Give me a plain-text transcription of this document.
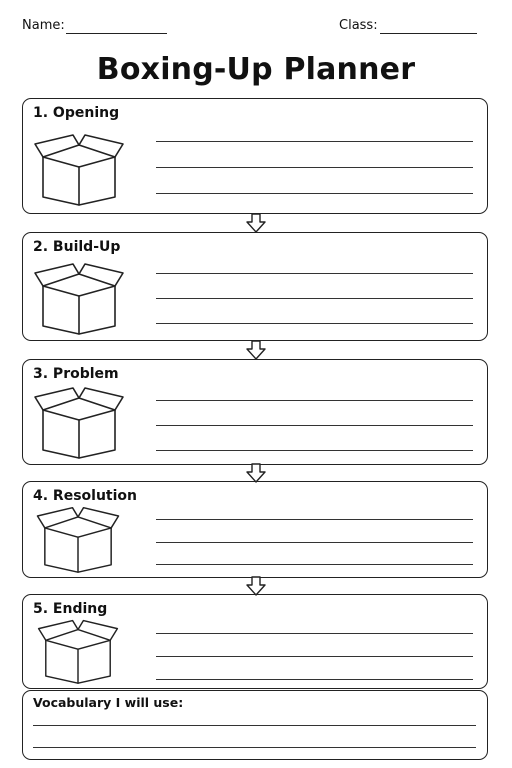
Name:	Class:
Boxing-Up Planner
1. Opening
2. Build-Up
3. Problem
4. Resolution
5. Ending
Vocabulary I will use:
